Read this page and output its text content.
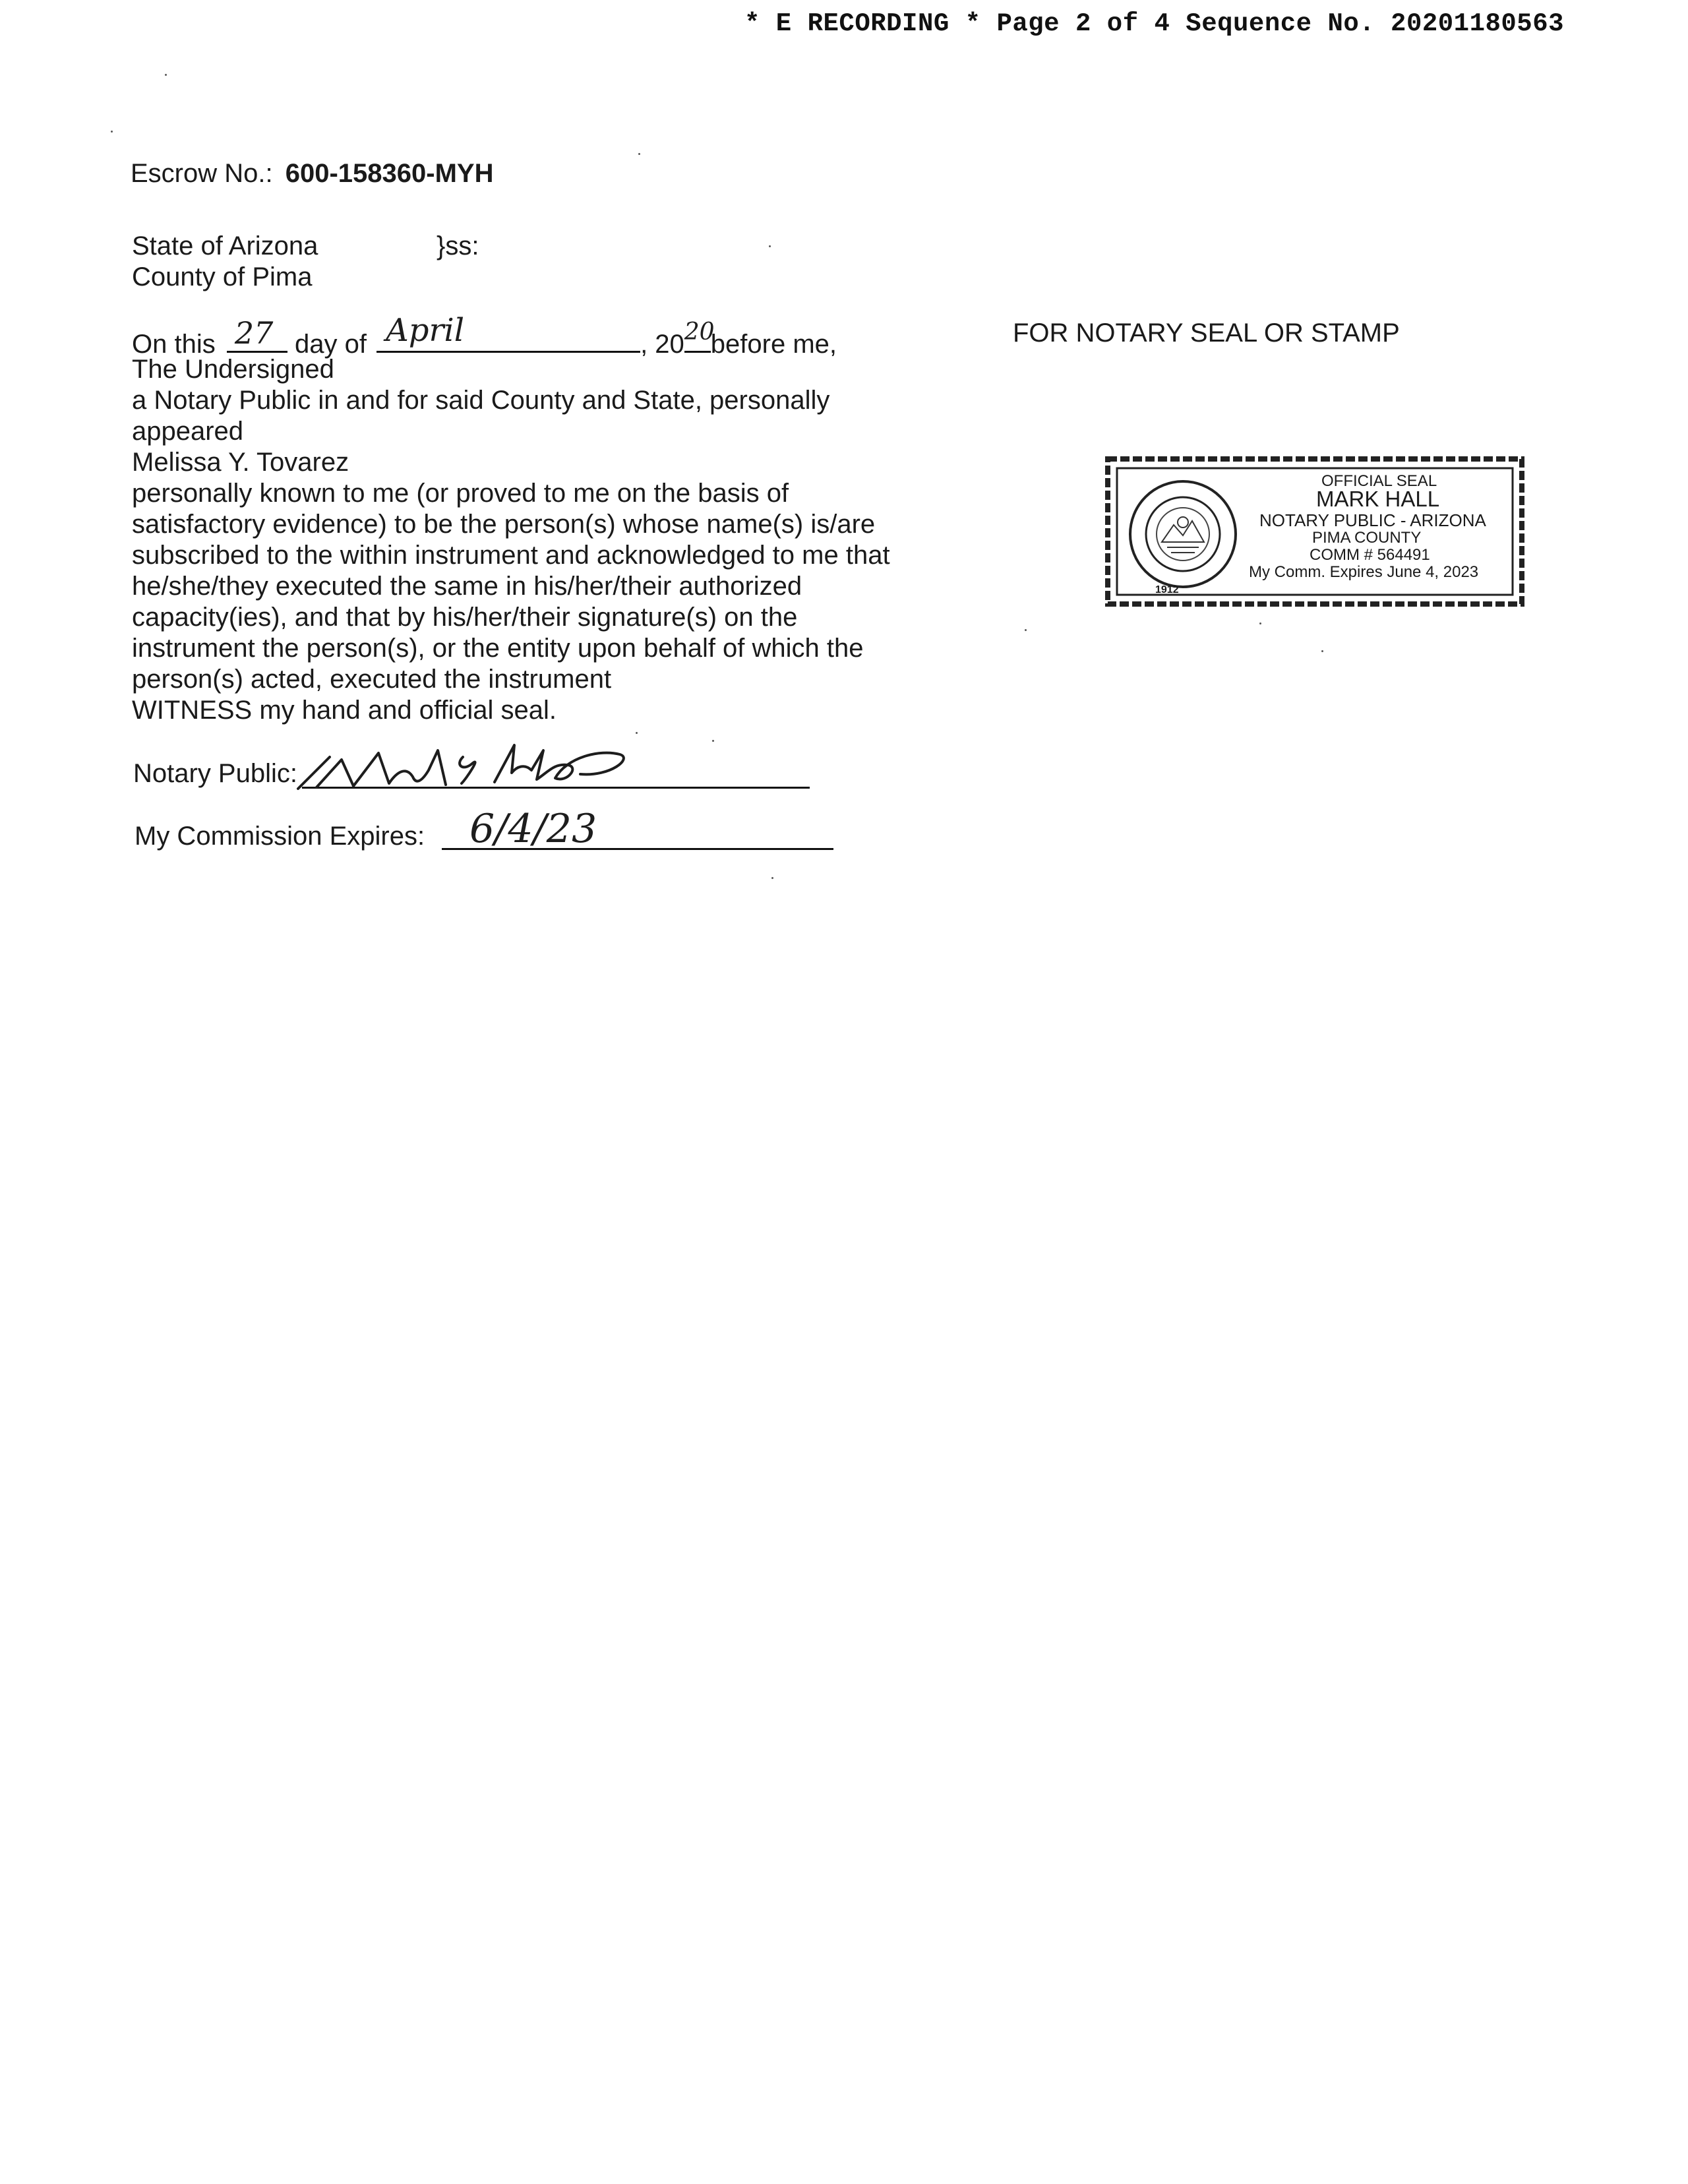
* E RECORDING * Page 2 of 4 Sequence No. 20201180563
Escrow No.: 600-158360-MYH
State of Arizona	}ss:
County of Pima
On this 27 day of April	, 20 20
before me,
The Undersigned
a Notary Public in and for said County and State, personally
appeared
Melissa Y. Tovarez
personally known to me (or proved to me on the basis of
satisfactory evidence) to be the person(s) whose name(s) is/are
subscribed to the within instrument and acknowledged to me that
he/she/they executed the same in his/her/their authorized
capacity(ies), and that by his/her/their signature(s) on the
instrument the person(s), or the entity upon behalf of which the
person(s) acted, executed the instrument
WITNESS my hand and official seal.
Notary Public:
My Commission Expires: 6/4/23
FOR NOTARY SEAL OR STAMP
1912
OFFICIAL SEAL
MARK HALL
NOTARY PUBLIC - ARIZONA
PIMA COUNTY
COMM # 564491
My Comm. Expires June 4, 2023
